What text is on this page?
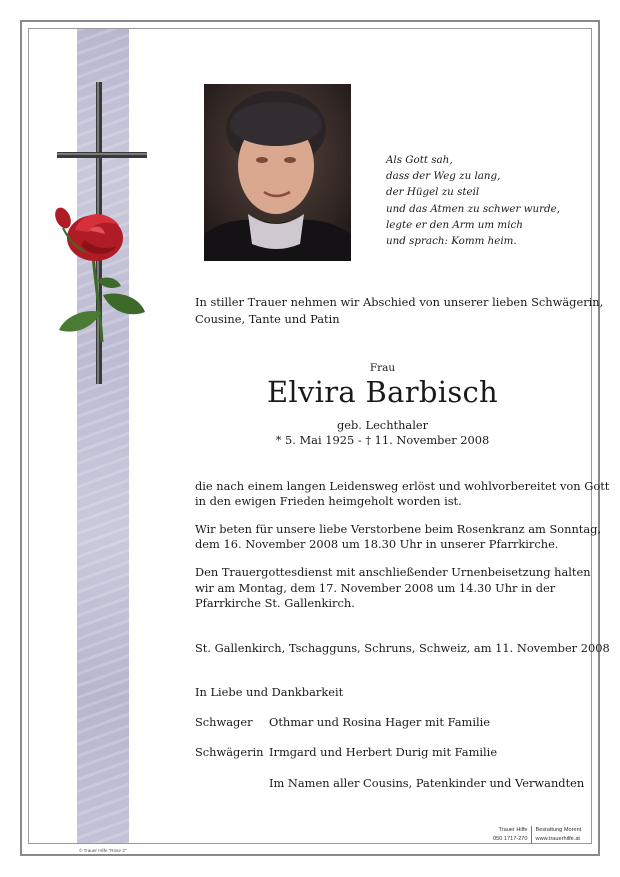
Als Gott sah,
dass der Weg zu lang,
der Hügel zu steil
und das Atmen zu schwer wurde,
legte er den Arm um mich
und sprach: Komm heim.
In stiller Trauer nehmen wir Abschied von unserer lieben Schwägerin,
Cousine, Tante und Patin
Frau
Elvira Barbisch
geb. Lechthaler
* 5. Mai 1925 - † 11. November 2008
die nach einem langen Leidensweg erlöst und wohlvorbereitet von Gott
in den ewigen Frieden heimgeholt worden ist.
Wir beten für unsere liebe Verstorbene beim Rosenkranz am Sonntag,
dem 16. November 2008 um 18.30 Uhr in unserer Pfarrkirche.
Den Trauergottesdienst mit anschließender Urnenbeisetzung halten
wir am Montag, dem 17. November 2008 um 14.30 Uhr in der
Pfarrkirche St. Gallenkirch.
St. Gallenkirch, Tschagguns, Schruns, Schweiz, am 11. November 2008
In Liebe und Dankbarkeit
Schwager Othmar und Rosina Hager mit Familie
Schwägerin Irmgard und Herbert Durig mit Familie
Im Namen aller Cousins, Patenkinder und Verwandten
Trauer Hilfe
050 1717-270
Bestattung Morent
www.trauerhilfe.at
© Trauer Hilfe "Rose 3"
